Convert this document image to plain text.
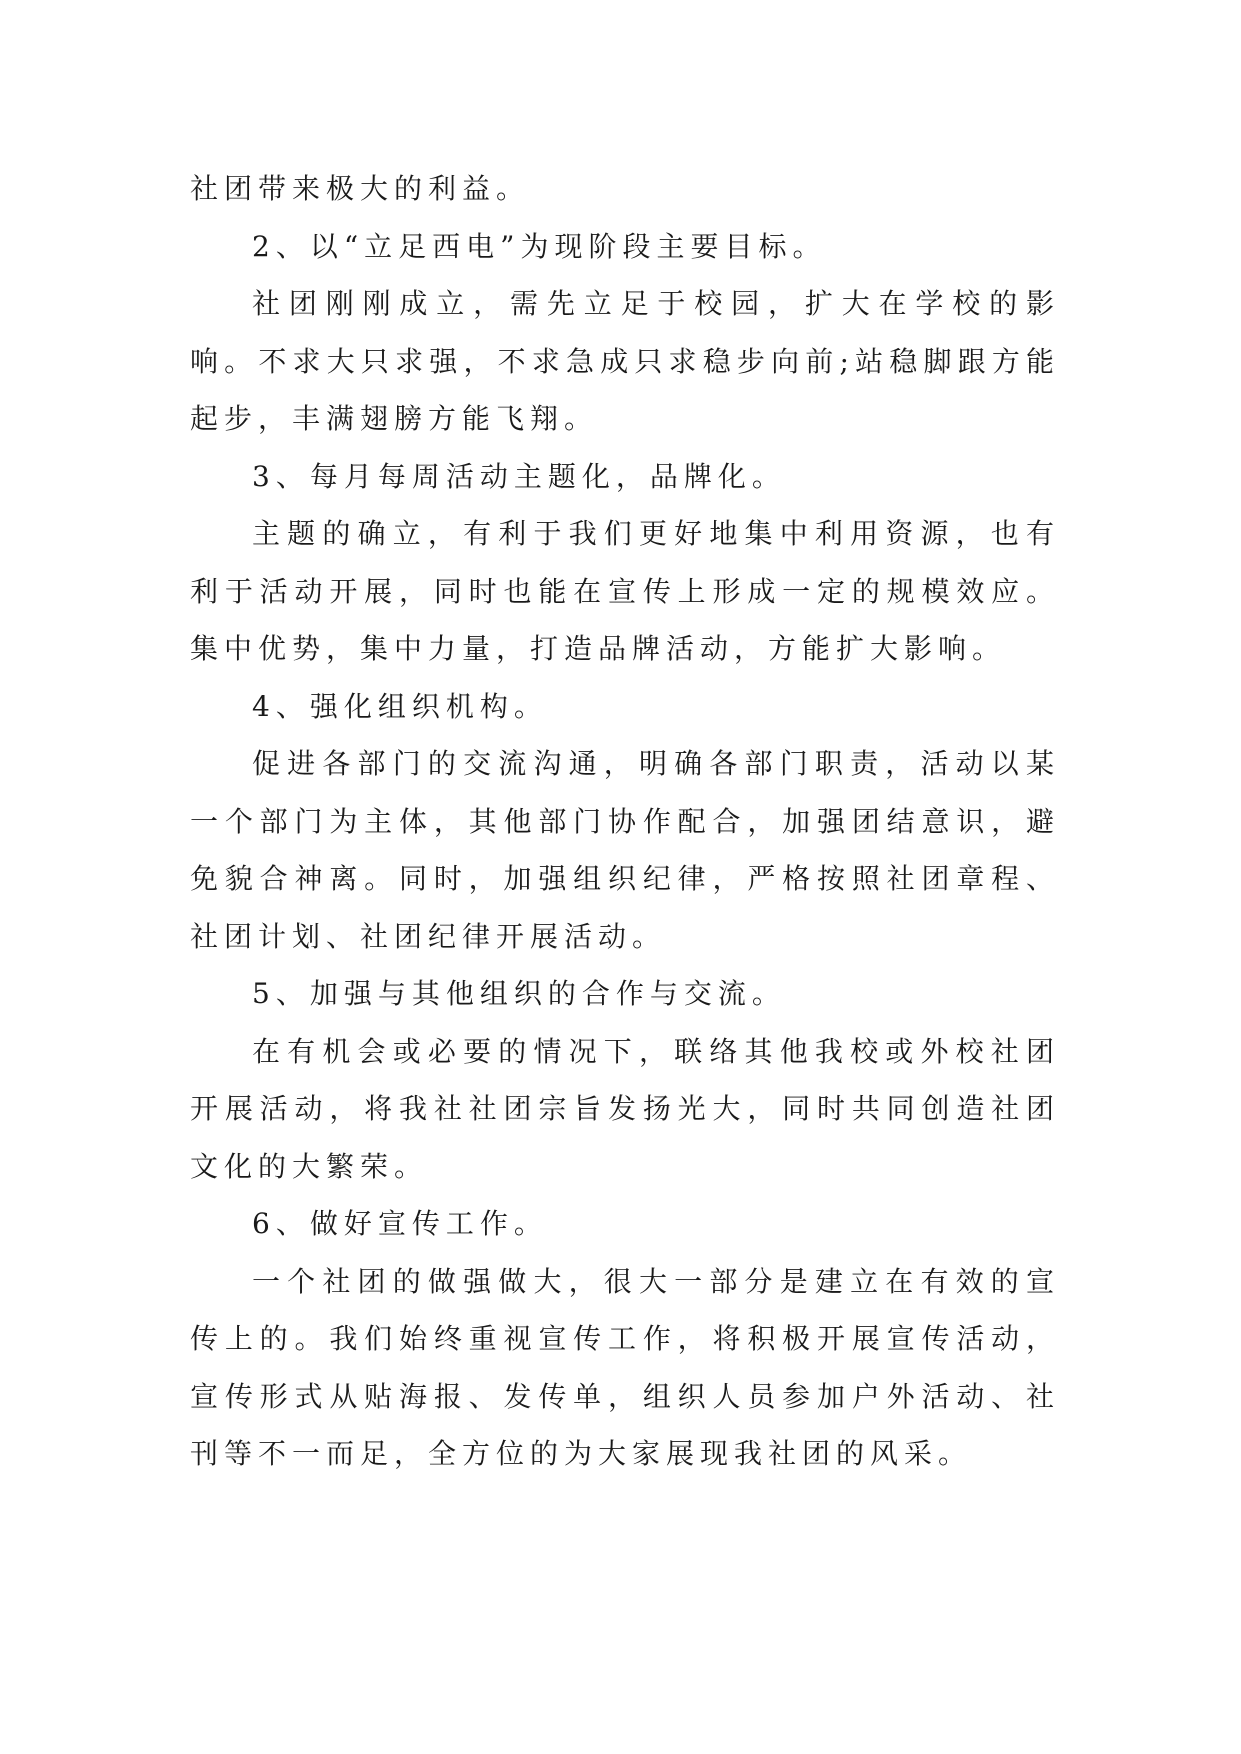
社团带来极大的利益。

2、以“立足西电”为现阶段主要目标。

社团刚刚成立，需先立足于校园，扩大在学校的影响。不求大只求强，不求急成只求稳步向前;站稳脚跟方能起步，丰满翅膀方能飞翔。

3、每月每周活动主题化，品牌化。

主题的确立，有利于我们更好地集中利用资源，也有利于活动开展，同时也能在宣传上形成一定的规模效应。集中优势，集中力量，打造品牌活动，方能扩大影响。

4、强化组织机构。

促进各部门的交流沟通，明确各部门职责，活动以某一个部门为主体，其他部门协作配合，加强团结意识，避免貌合神离。同时，加强组织纪律，严格按照社团章程、社团计划、社团纪律开展活动。

5、加强与其他组织的合作与交流。

在有机会或必要的情况下，联络其他我校或外校社团开展活动，将我社社团宗旨发扬光大，同时共同创造社团文化的大繁荣。

6、做好宣传工作。

一个社团的做强做大，很大一部分是建立在有效的宣传上的。我们始终重视宣传工作，将积极开展宣传活动，宣传形式从贴海报、发传单，组织人员参加户外活动、社刊等不一而足，全方位的为大家展现我社团的风采。
